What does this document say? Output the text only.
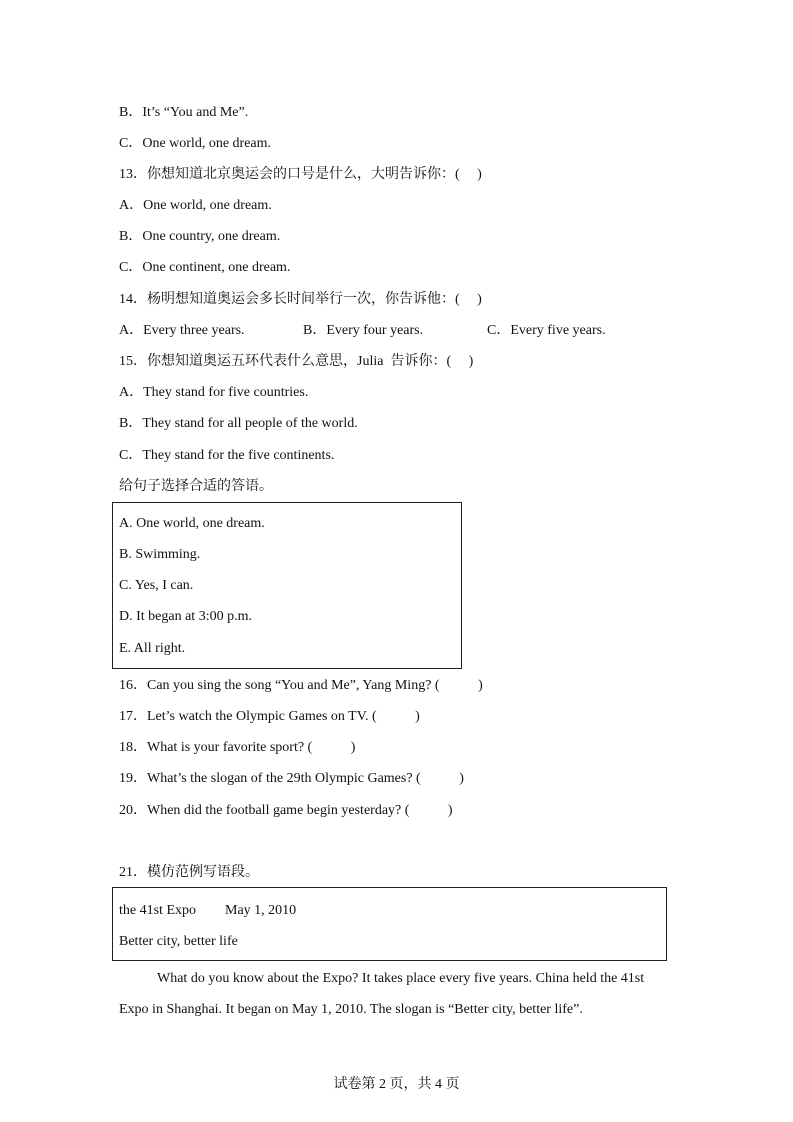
B．It’s “You and Me”.
C．One world, one dream.
13．你想知道北京奥运会的口号是什么，大明告诉你：(     )
A．One world, one dream.
B．One country, one dream.
C．One continent, one dream.
14．杨明想知道奥运会多长时间举行一次，你告诉他：(     )
A．Every three years.	B．Every four years.	C．Every five years.
15．你想知道奥运五环代表什么意思，Julia  告诉你：(     )
A．They stand for five countries.
B．They stand for all people of the world.
C．They stand for the five continents.
给句子选择合适的答语。
A. One world, one dream.
B. Swimming.
C. Yes, I can.
D. It began at 3:00 p.m.
E. All right.
16．Can you sing the song “You and Me”, Yang Ming? (           )
17．Let’s watch the Olympic Games on TV. (           )
18．What is your favorite sport? (           )
19．What’s the slogan of the 29th Olympic Games? (           )
20．When did the football game begin yesterday? (           )
21．模仿范例写语段。
the 41st Expo May 1, 2010
Better city, better life
What do you know about the Expo? It takes place every five years. China held the 41st
Expo in Shanghai. It began on May 1, 2010. The slogan is “Better city, better life”.
试卷第 2 页，共 4 页
